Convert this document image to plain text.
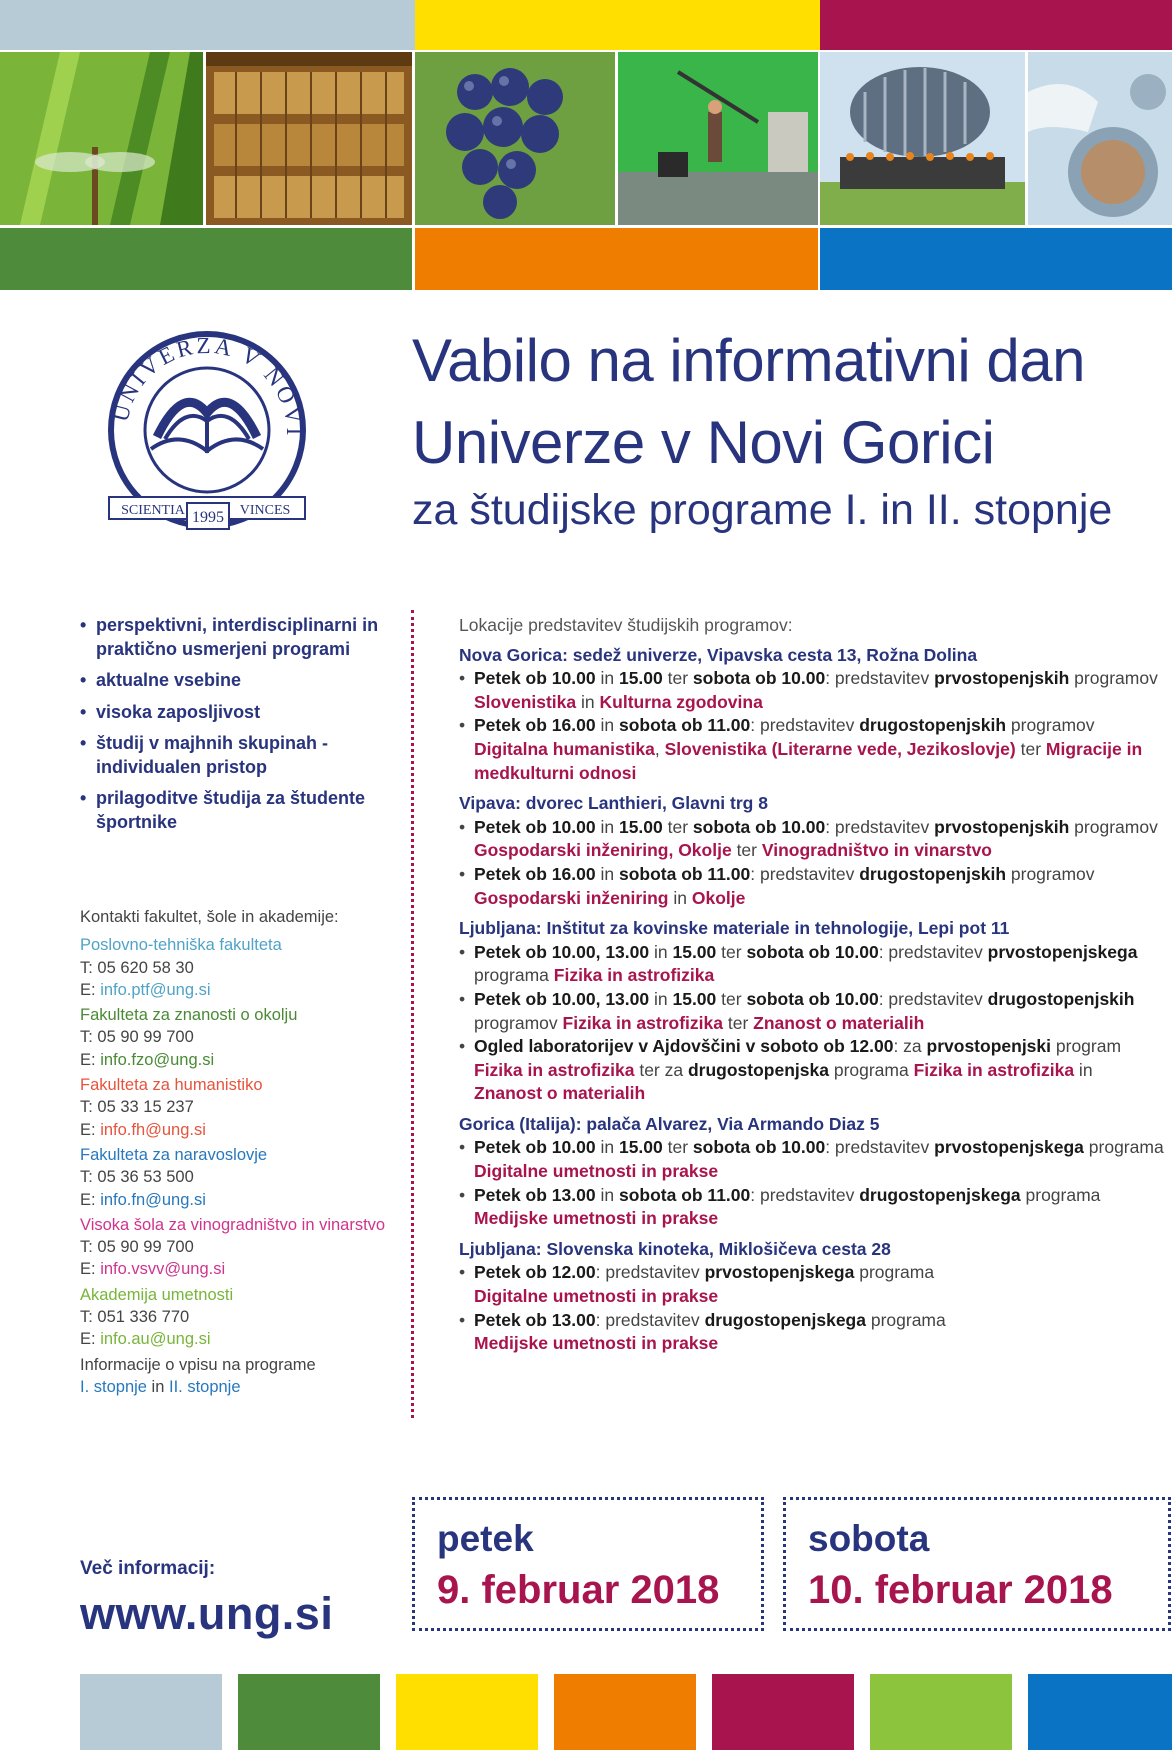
UNIVERZA V NOVI
SCIENTIA	VINCES
1995
Vabilo na informativni dan
Univerze v Novi Gorici
za študijske programe I. in II. stopnje
• perspektivni, interdisciplinarni in praktično usmerjeni programi
• aktualne vsebine
• visoka zaposljivost
• študij v majhnih skupinah - individualen pristop
• prilagoditve študija za študente športnike
Kontakti fakultet, šole in akademije:
Poslovno-tehniška fakulteta
T: 05 620 58 30
E: info.ptf@ung.si
Fakulteta za znanosti o okolju
T: 05 90 99 700
E: info.fzo@ung.si
Fakulteta za humanistiko
T: 05 33 15 237
E: info.fh@ung.si
Fakulteta za naravoslovje
T: 05 36 53 500
E: info.fn@ung.si
Visoka šola za vinogradništvo in vinarstvo
T: 05 90 99 700
E: info.vsvv@ung.si
Akademija umetnosti
T: 051 336 770
E: info.au@ung.si
Informacije o vpisu na programe
I. stopnje in II. stopnje
Lokacije predstavitev študijskih programov:
Nova Gorica: sedež univerze, Vipavska cesta 13, Rožna Dolina
• Petek ob 10.00 in 15.00 ter sobota ob 10.00: predstavitev prvostopenjskih programov Slovenistika in Kulturna zgodovina
• Petek ob 16.00 in sobota ob 11.00: predstavitev drugostopenjskih programov Digitalna humanistika, Slovenistika (Literarne vede, Jezikoslovje) ter Migracije in medkulturni odnosi
Vipava: dvorec Lanthieri, Glavni trg 8
• Petek ob 10.00 in 15.00 ter sobota ob 10.00: predstavitev prvostopenjskih programov Gospodarski inženiring, Okolje ter Vinogradništvo in vinarstvo
• Petek ob 16.00 in sobota ob 11.00: predstavitev drugostopenjskih programov Gospodarski inženiring in Okolje
Ljubljana: Inštitut za kovinske materiale in tehnologije, Lepi pot 11
• Petek ob 10.00, 13.00 in 15.00 ter sobota ob 10.00: predstavitev prvostopenjskega programa Fizika in astrofizika
• Petek ob 10.00, 13.00 in 15.00 ter sobota ob 10.00: predstavitev drugostopenjskih programov Fizika in astrofizika ter Znanost o materialih
• Ogled laboratorijev v Ajdovščini v soboto ob 12.00: za prvostopenjski program Fizika in astrofizika ter za drugostopenjska programa Fizika in astrofizika in Znanost o materialih
Gorica (Italija): palača Alvarez, Via Armando Diaz 5
• Petek ob 10.00 in 15.00 ter sobota ob 10.00: predstavitev prvostopenjskega programa Digitalne umetnosti in prakse
• Petek ob 13.00 in sobota ob 11.00: predstavitev drugostopenjskega programa Medijske umetnosti in prakse
Ljubljana: Slovenska kinoteka, Miklošičeva cesta 28
• Petek ob 12.00: predstavitev prvostopenjskega programa
Digitalne umetnosti in prakse
• Petek ob 13.00: predstavitev drugostopenjskega programa
Medijske umetnosti in prakse
Več informacij:
www.ung.si
petek
9. februar 2018
sobota
10. februar 2018
